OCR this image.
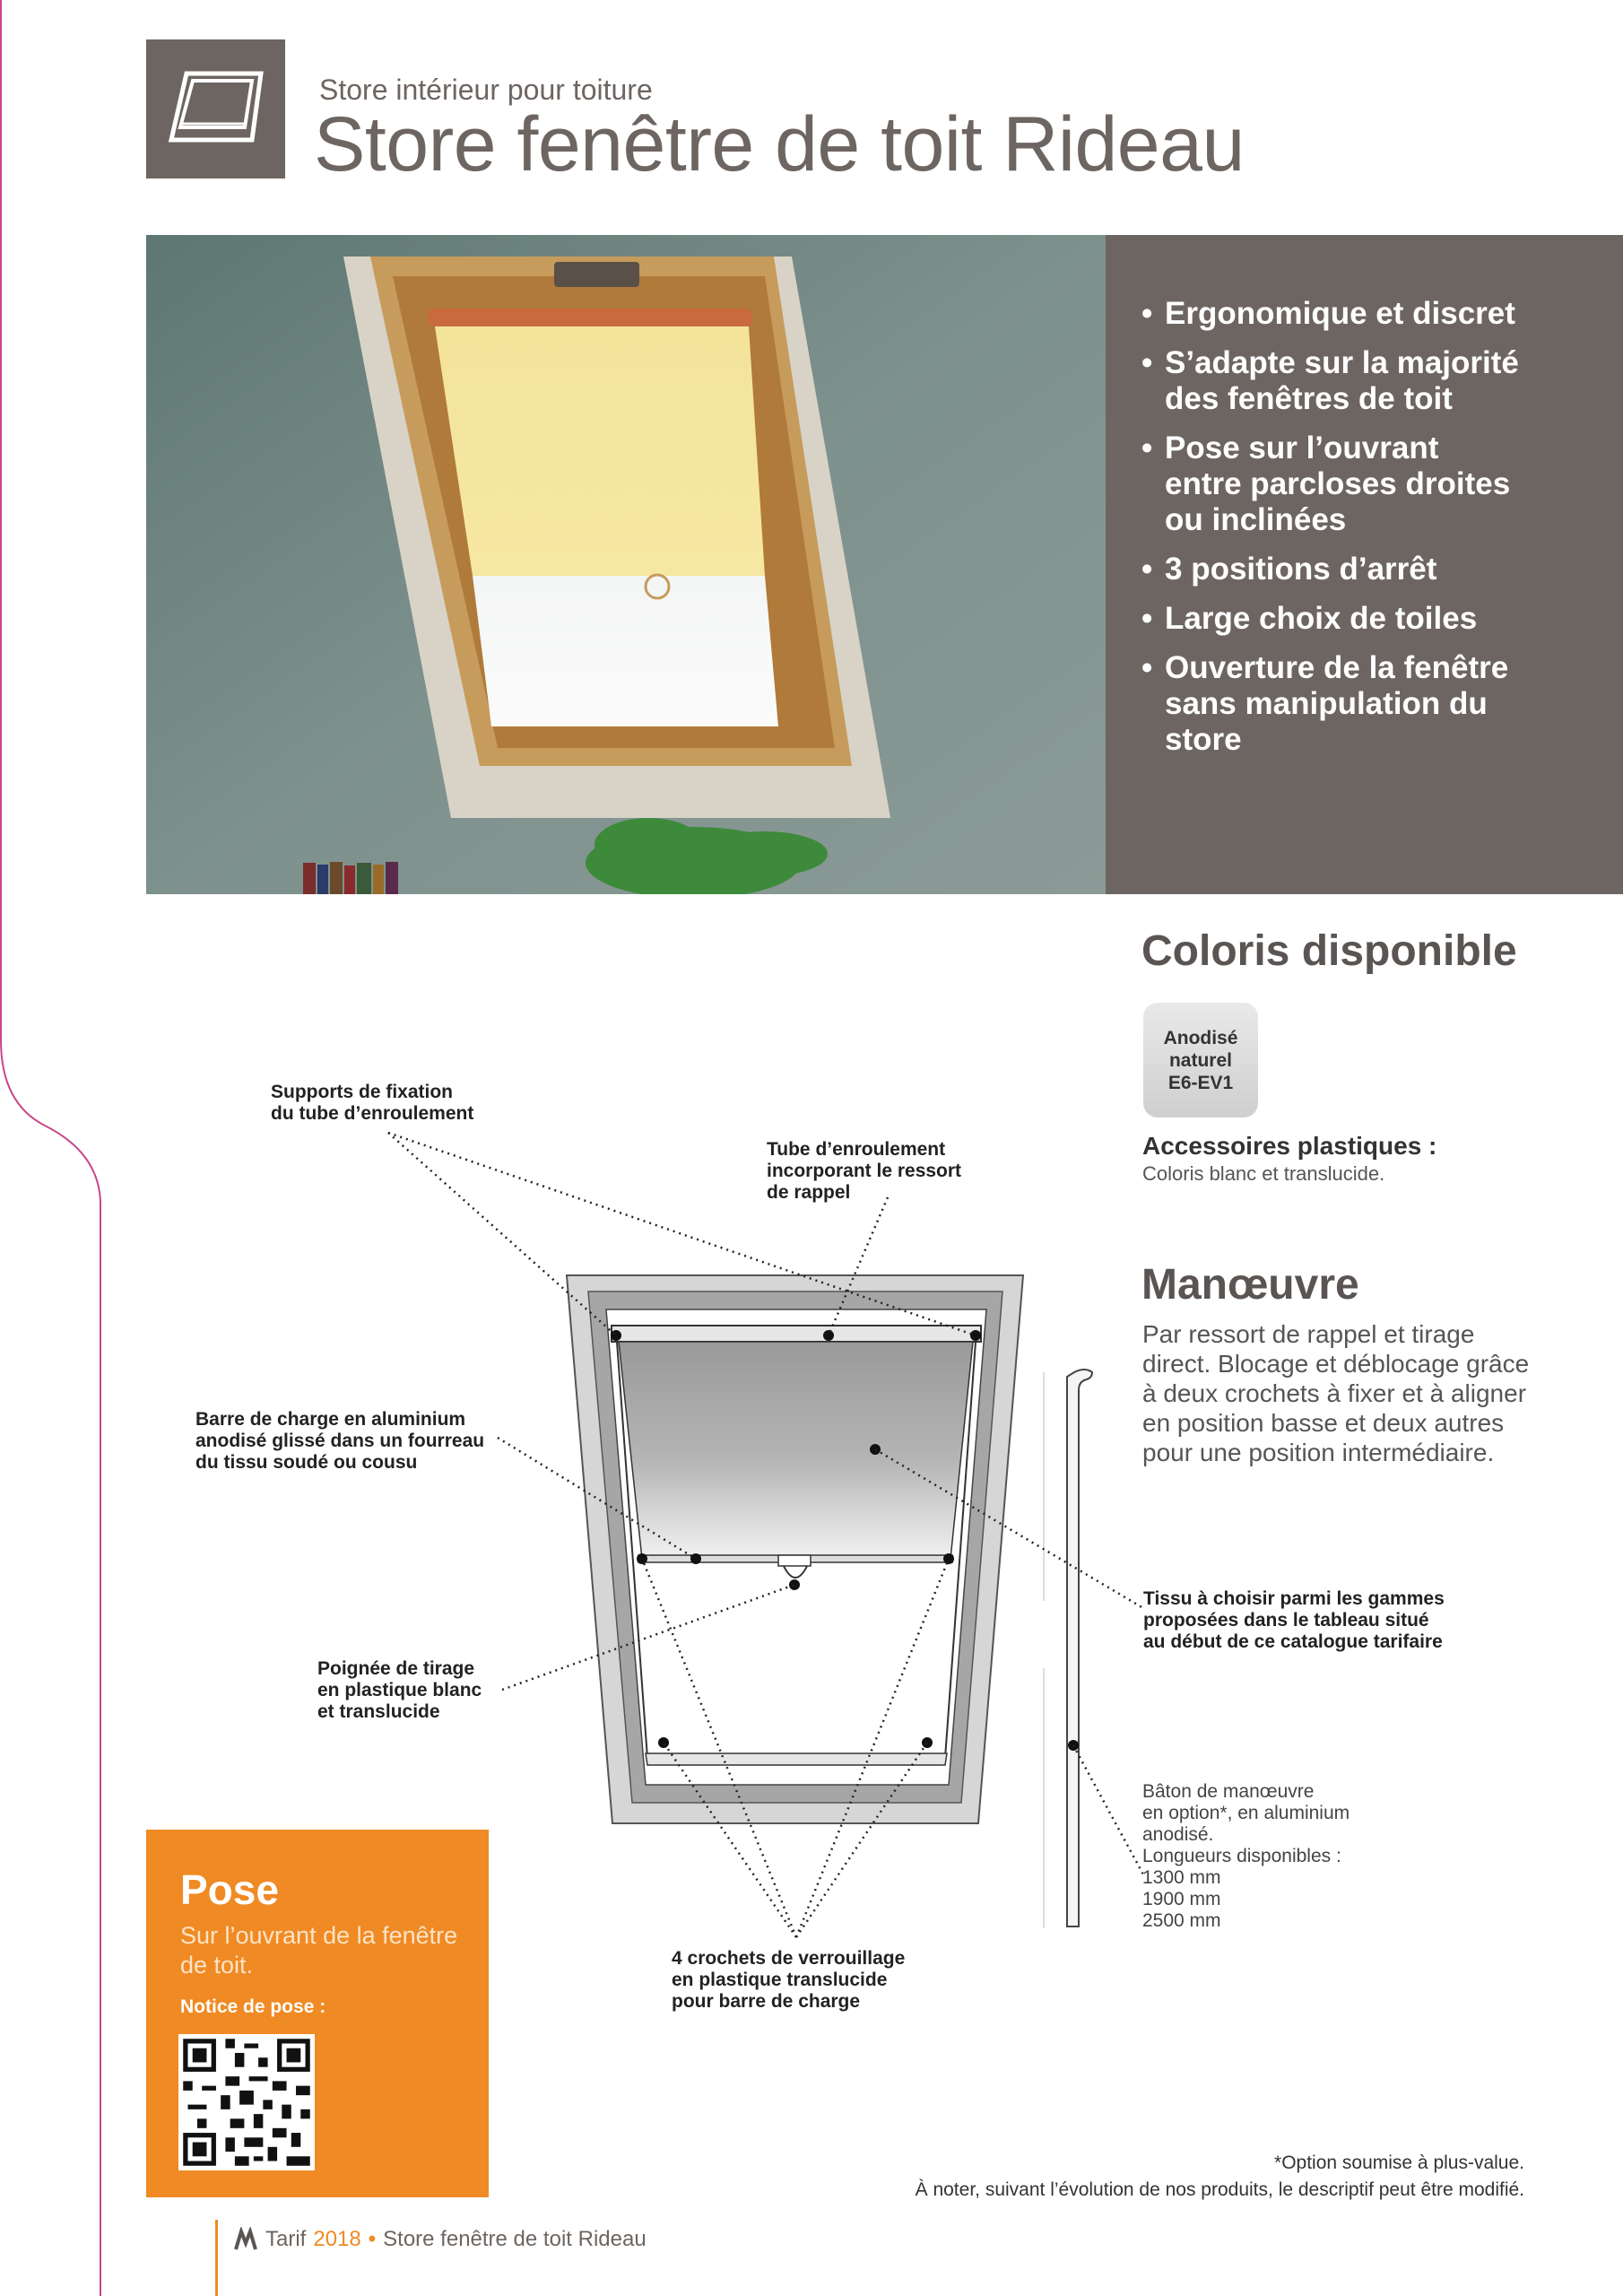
Store intérieur pour toiture
Store fenêtre de toit Rideau
• Ergonomique et discret
• S’adapte sur la majorité des fenêtres de toit
• Pose sur l’ouvrant entre parcloses droites ou inclinées
• 3 positions d’arrêt
• Large choix de toiles
• Ouverture de la fenêtre sans manipulation du store
Coloris disponible
Anodisé
naturel
E6-EV1
Accessoires plastiques :
Coloris blanc et translucide.
Manœuvre
Par ressort de rappel et tirage direct. Blocage et déblocage grâce à deux crochets à fixer et à aligner en position basse et deux autres pour une position intermédiaire.
Supports de fixation
du tube d’enroulement
Tube d’enroulement
incorporant le ressort
de rappel
Barre de charge en aluminium
anodisé glissé dans un fourreau
du tissu soudé ou cousu
Poignée de tirage
en plastique blanc
et translucide
Tissu à choisir parmi les gammes
proposées dans le tableau situé
au début de ce catalogue tarifaire
4 crochets de verrouillage
en plastique translucide
pour barre de charge
Bâton de manœuvre
en option*, en aluminium
anodisé.
Longueurs disponibles :
1300 mm
1900 mm
2500 mm
Pose
Sur l’ouvrant de la fenêtre de toit.
Notice de pose :
*Option soumise à plus-value.
À noter, suivant l’évolution de nos produits, le descriptif peut être modifié.
Tarif 2018 • Store fenêtre de toit Rideau
